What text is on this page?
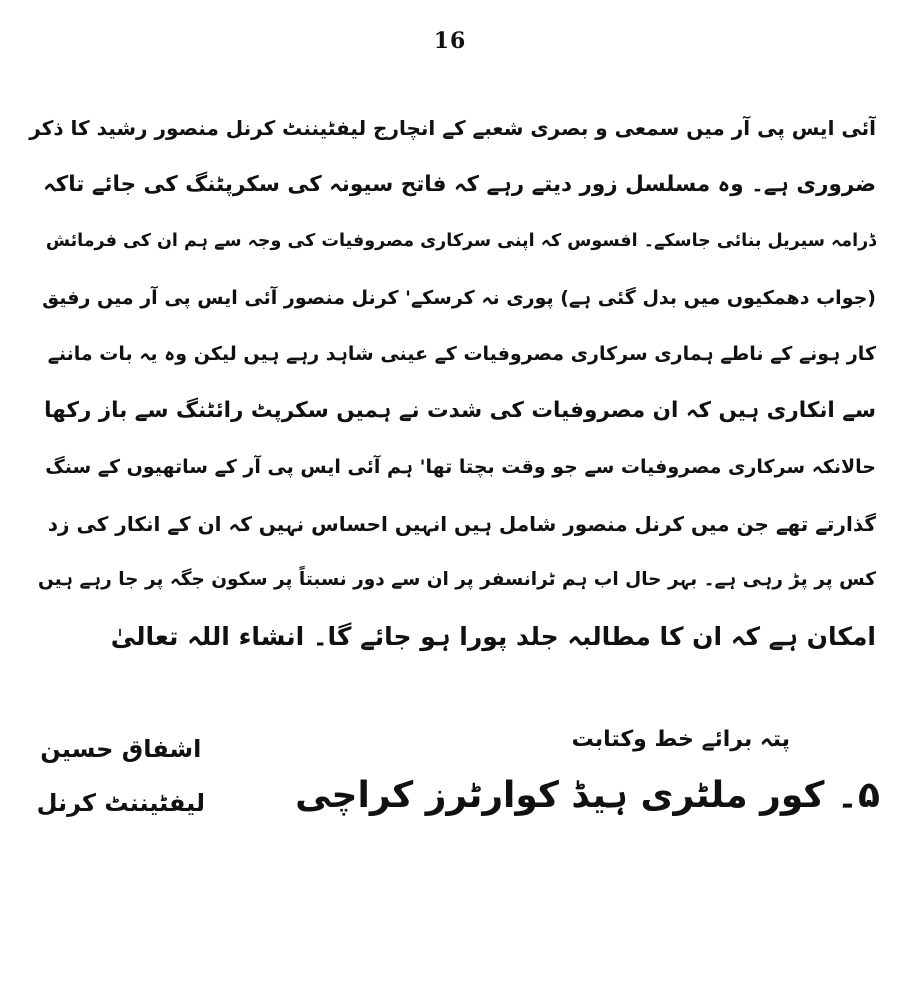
16
آئی ایس پی آر میں سمعی و بصری شعبے کے انچارج لیفٹیننٹ کرنل منصور رشید کا ذکر
ضروری ہے۔ وہ مسلسل زور دیتے رہے کہ فاتح سیونہ کی سکرپٹنگ کی جائے تاکہ
ڈرامہ سیریل بنائی جاسکے۔ افسوس کہ اپنی سرکاری مصروفیات کی وجہ سے ہم ان کی فرمائش
(جواب دھمکیوں میں بدل گئی ہے) پوری نہ کرسکے' کرنل منصور آئی ایس پی آر میں رفیق
کار ہونے کے ناطے ہماری سرکاری مصروفیات کے عینی شاہد رہے ہیں لیکن وہ یہ بات ماننے
سے انکاری ہیں کہ ان مصروفیات کی شدت نے ہمیں سکرپٹ رائٹنگ سے باز رکھا
حالانکہ سرکاری مصروفیات سے جو وقت بچتا تھا' ہم آئی ایس پی آر کے ساتھیوں کے سنگ
گذارتے تھے جن میں کرنل منصور شامل ہیں انہیں احساس نہیں کہ ان کے انکار کی زد
کس پر پڑ رہی ہے۔ بہر حال اب ہم ٹرانسفر پر ان سے دور نسبتاً پر سکون جگہ پر جا رہے ہیں
امکان ہے کہ ان کا مطالبہ جلد پورا ہو جائے گا۔ انشاء اللہ تعالیٰ
پتہ برائے خط وکتابت
۵۔ کور ملٹری ہیڈ کوارٹرز کراچی
اشفاق حسین
لیفٹیننٹ کرنل
